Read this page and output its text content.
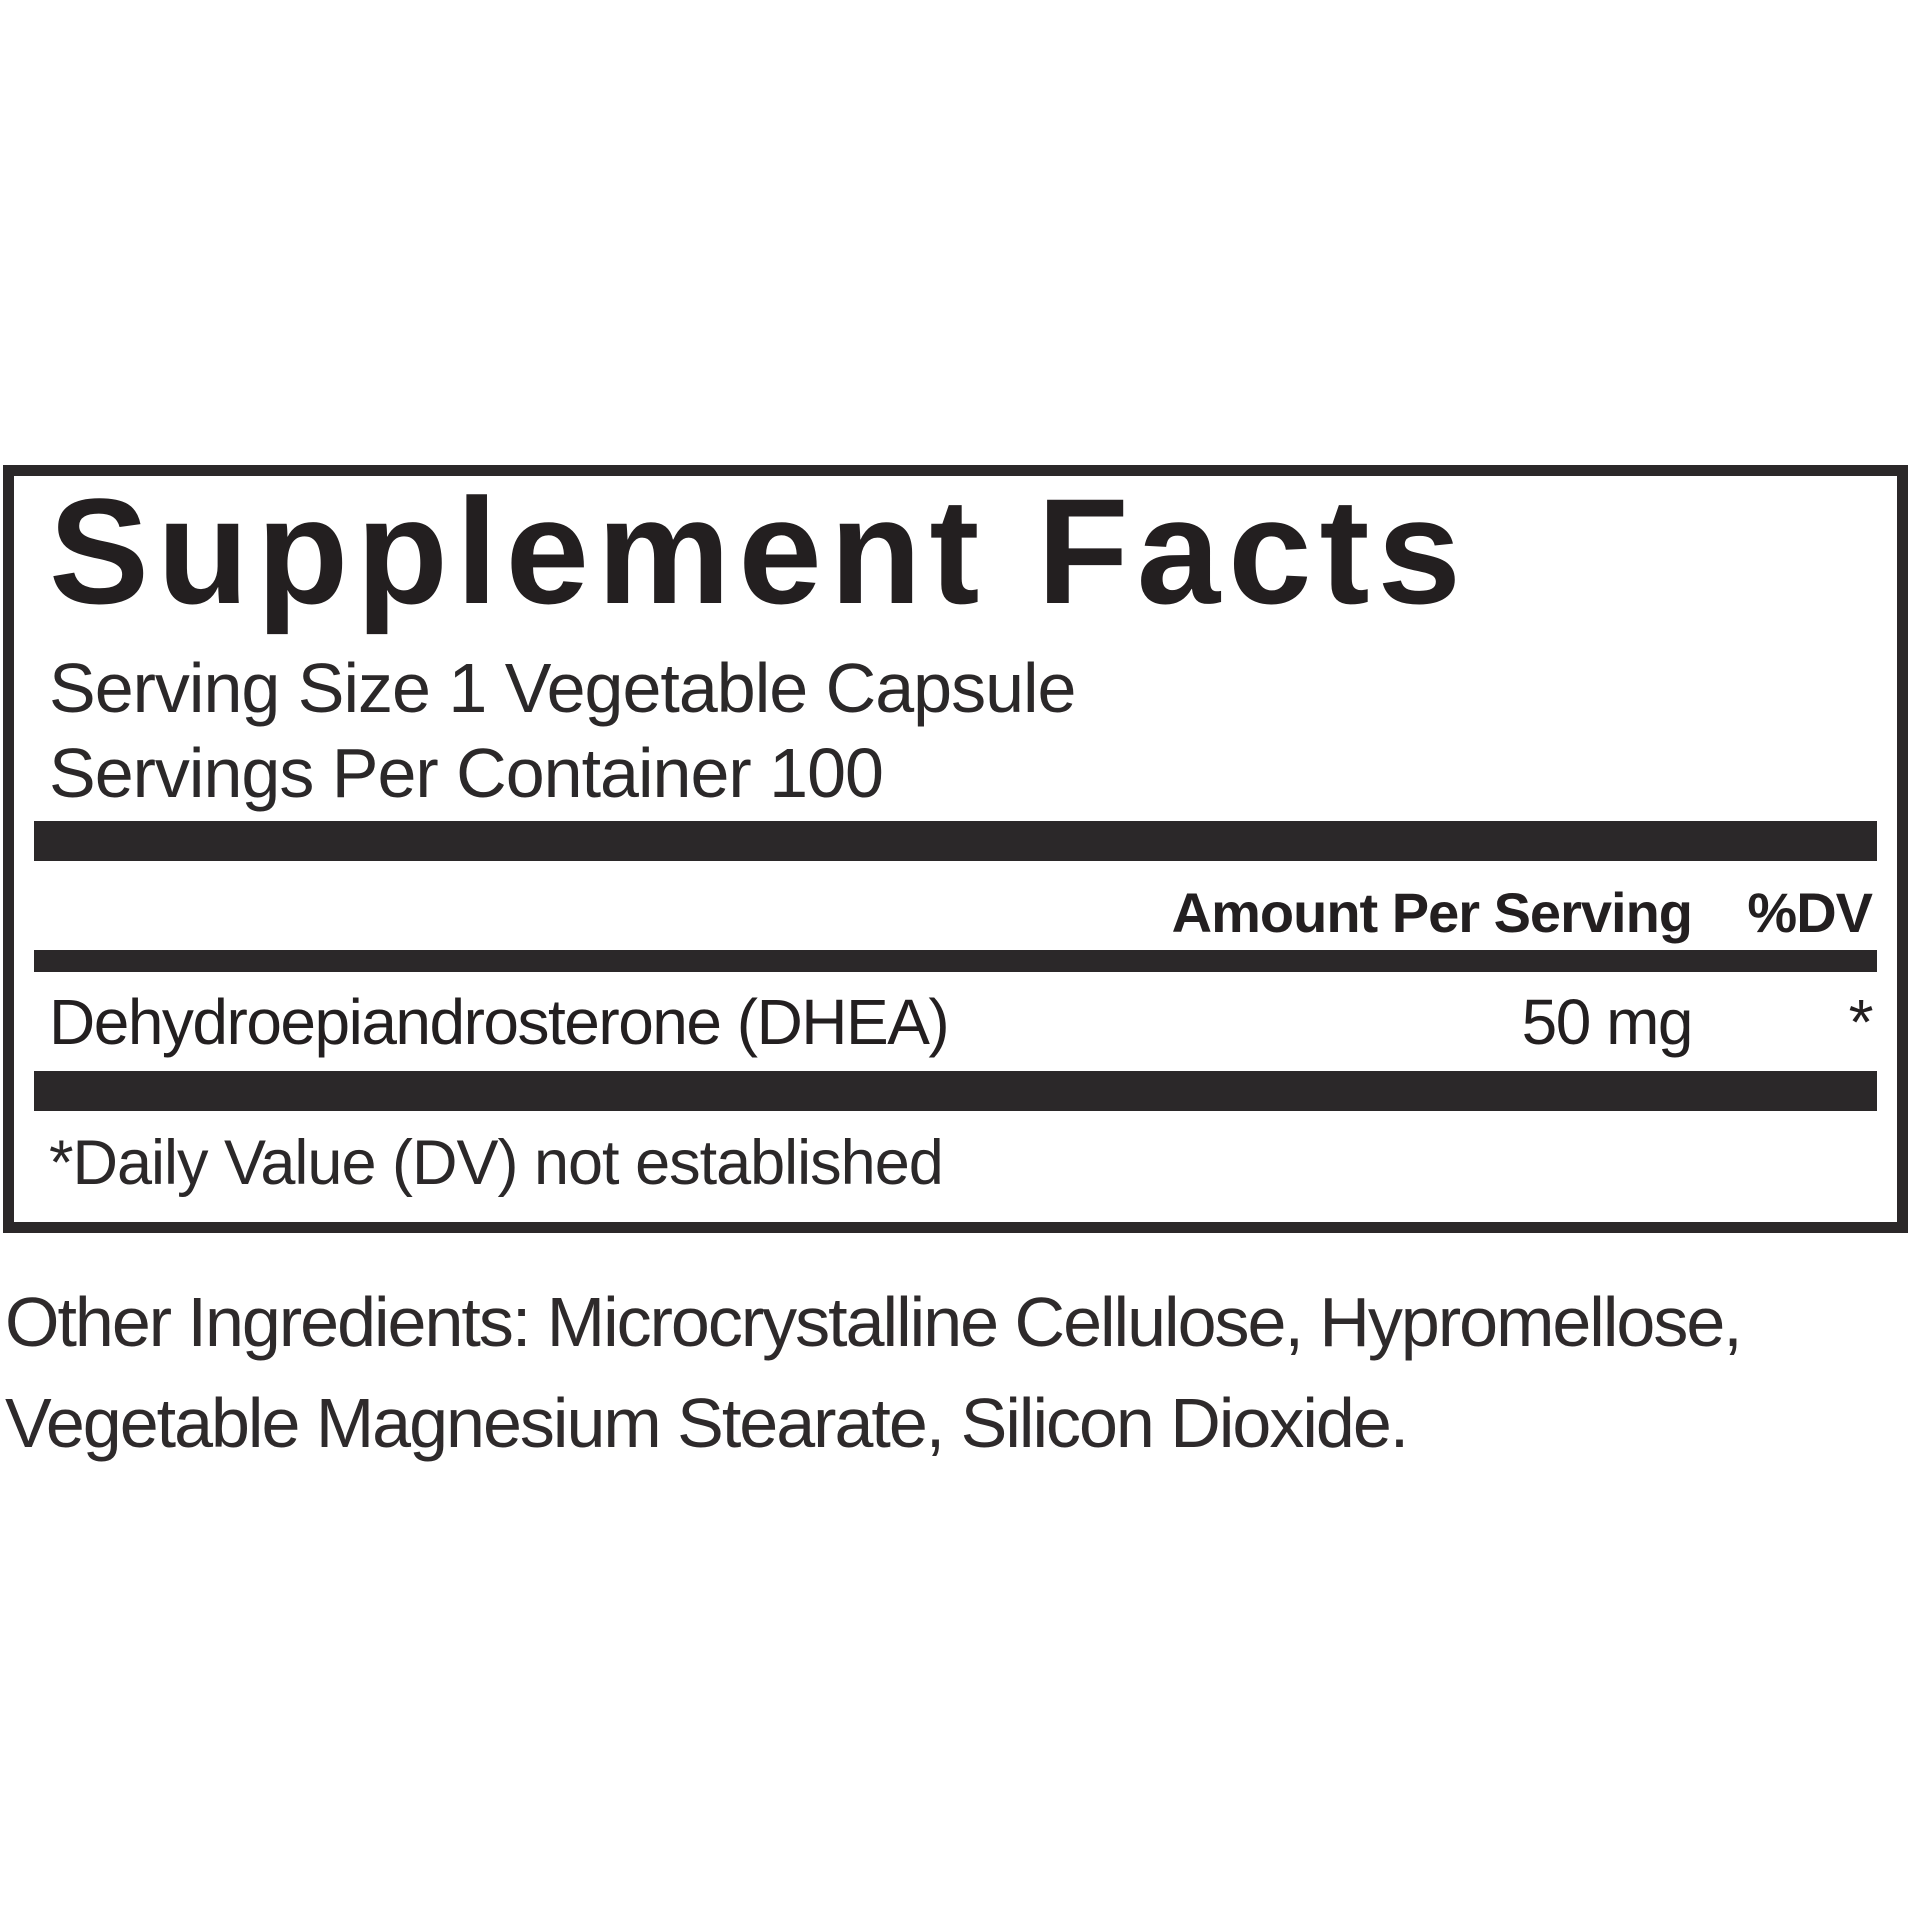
Supplement Facts
Serving Size 1 Vegetable Capsule
Servings Per Container 100
Amount Per Serving %DV
Dehydroepiandrosterone (DHEA)	50 mg	*
*Daily Value (DV) not established
Other Ingredients: Microcrystalline Cellulose, Hypromellose, Vegetable Magnesium Stearate, Silicon Dioxide.
